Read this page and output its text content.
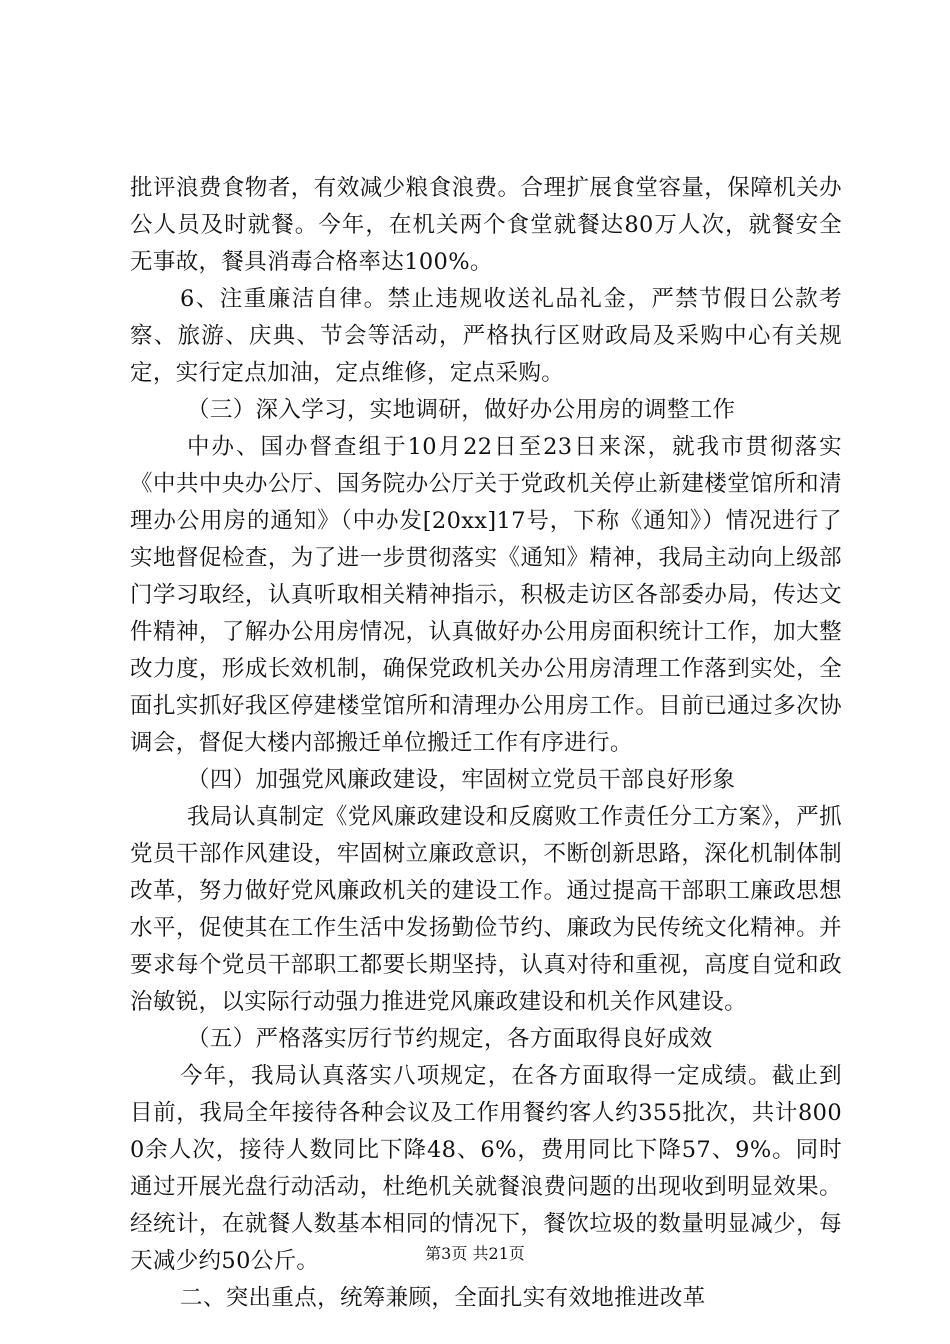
批评浪费食物者，有效减少粮食浪费。合理扩展食堂容量，保障机关办公人员及时就餐。今年，在机关两个食堂就餐达80万人次，就餐安全无事故，餐具消毒合格率达100%。

6、注重廉洁自律。禁止违规收送礼品礼金，严禁节假日公款考察、旅游、庆典、节会等活动，严格执行区财政局及采购中心有关规定，实行定点加油，定点维修，定点采购。

（三）深入学习，实地调研，做好办公用房的调整工作

中办、国办督查组于10月22日至23日来深，就我市贯彻落实《中共中央办公厅、国务院办公厅关于党政机关停止新建楼堂馆所和清理办公用房的通知》（中办发[20xx]17号，下称《通知》）情况进行了实地督促检查，为了进一步贯彻落实《通知》精神，我局主动向上级部门学习取经，认真听取相关精神指示，积极走访区各部委办局，传达文件精神，了解办公用房情况，认真做好办公用房面积统计工作，加大整改力度，形成长效机制，确保党政机关办公用房清理工作落到实处，全面扎实抓好我区停建楼堂馆所和清理办公用房工作。目前已通过多次协调会，督促大楼内部搬迁单位搬迁工作有序进行。

（四）加强党风廉政建设，牢固树立党员干部良好形象

我局认真制定《党风廉政建设和反腐败工作责任分工方案》，严抓党员干部作风建设，牢固树立廉政意识，不断创新思路，深化机制体制改革，努力做好党风廉政机关的建设工作。通过提高干部职工廉政思想水平，促使其在工作生活中发扬勤俭节约、廉政为民传统文化精神。并要求每个党员干部职工都要长期坚持，认真对待和重视，高度自觉和政治敏锐，以实际行动强力推进党风廉政建设和机关作风建设。

（五）严格落实厉行节约规定，各方面取得良好成效

今年，我局认真落实八项规定，在各方面取得一定成绩。截止到目前，我局全年接待各种会议及工作用餐约客人约355批次，共计8000余人次，接待人数同比下降48、6%，费用同比下降57、9%。同时通过开展光盘行动活动，杜绝机关就餐浪费问题的出现收到明显效果。经统计，在就餐人数基本相同的情况下，餐饮垃圾的数量明显减少，每天减少约50公斤。

二、突出重点，统筹兼顾，全面扎实有效地推进改革

第3页 共21页
